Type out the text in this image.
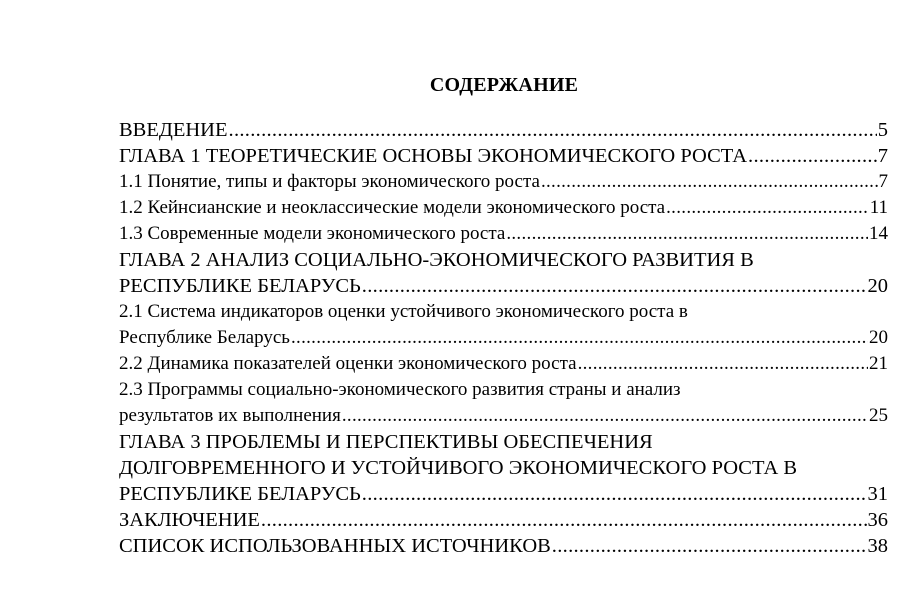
СОДЕРЖАНИЕ
ВВЕДЕНИЕ .....	5
ГЛАВА 1 ТЕОРЕТИЧЕСКИЕ ОСНОВЫ ЭКОНОМИЧЕСКОГО РОСТА .....	7
1.1 Понятие, типы и факторы экономического роста .....	7
1.2 Кейнсианские и неоклассические модели экономического роста .....	11
1.3 Современные модели экономического роста .....	14
ГЛАВА 2 АНАЛИЗ СОЦИАЛЬНО-ЭКОНОМИЧЕСКОГО РАЗВИТИЯ В
РЕСПУБЛИКЕ БЕЛАРУСЬ .....	20
2.1 Система индикаторов оценки устойчивого экономического роста в
Республике Беларусь .....	20
2.2 Динамика показателей оценки экономического роста .....	21
2.3 Программы социально-экономического развития страны и анализ
результатов их выполнения .....	25
ГЛАВА 3 ПРОБЛЕМЫ И ПЕРСПЕКТИВЫ ОБЕСПЕЧЕНИЯ
ДОЛГОВРЕМЕННОГО И УСТОЙЧИВОГО ЭКОНОМИЧЕСКОГО РОСТА В
РЕСПУБЛИКЕ БЕЛАРУСЬ .....	31
ЗАКЛЮЧЕНИЕ .....	36
СПИСОК ИСПОЛЬЗОВАННЫХ ИСТОЧНИКОВ .....	38
